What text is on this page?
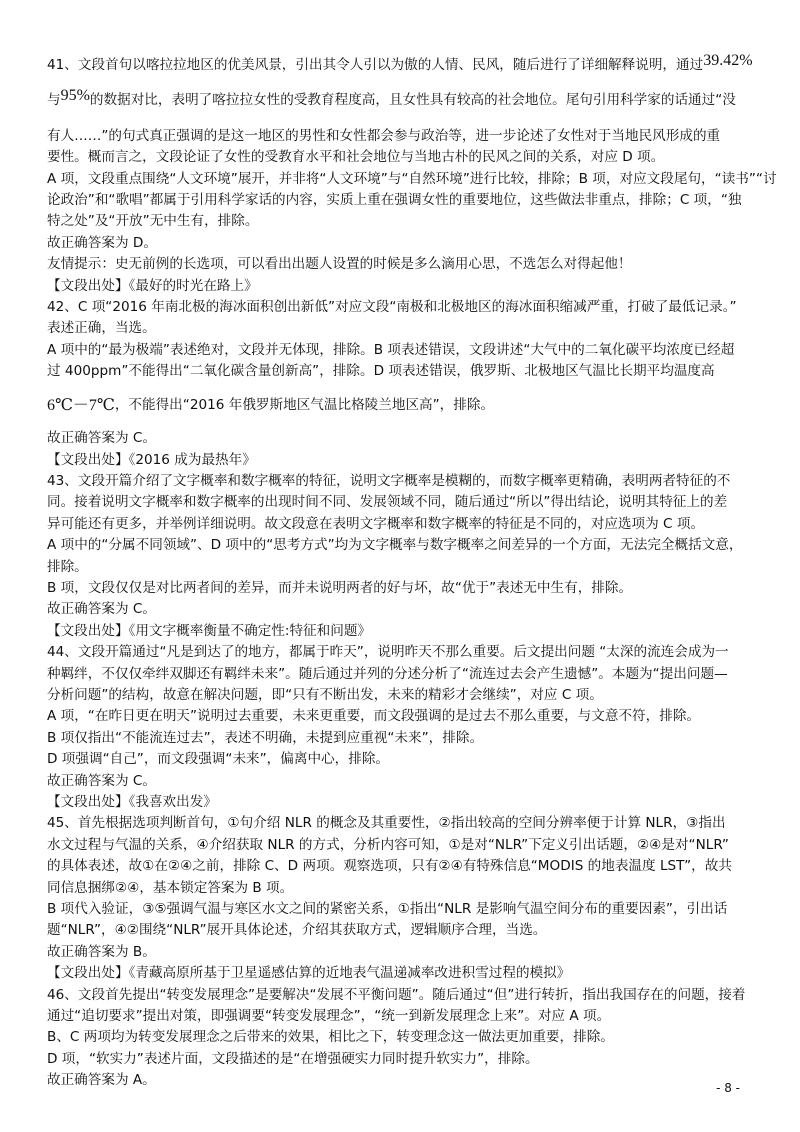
41、文段首句以喀拉拉地区的优美风景，引出其令人引以为傲的人情、民风，随后进行了详细解释说明，通过39.42%
与95%的数据对比，表明了喀拉拉女性的受教育程度高，且女性具有较高的社会地位。尾句引用科学家的话通过“没
有人……”的句式真正强调的是这一地区的男性和女性都会参与政治等，进一步论述了女性对于当地民风形成的重
要性。概而言之，文段论证了女性的受教育水平和社会地位与当地古朴的民风之间的关系，对应 D 项。
A 项，文段重点围绕“人文环境”展开，并非将“人文环境”与“自然环境”进行比较，排除；B 项，对应文段尾句，“读书”“讨
论政治”和“歌唱”都属于引用科学家话的内容，实质上重在强调女性的重要地位，这些做法非重点，排除；C 项，“独
特之处”及“开放”无中生有，排除。
故正确答案为 D。
友情提示：史无前例的长选项，可以看出出题人设置的时候是多么滴用心思，不选怎么对得起他！
【文段出处】《最好的时光在路上》
42、C 项“2016 年南北极的海冰面积创出新低”对应文段“南极和北极地区的海冰面积缩减严重，打破了最低记录。”
表述正确，当选。
A 项中的“最为极端”表述绝对，文段并无体现，排除。B 项表述错误，文段讲述“大气中的二氧化碳平均浓度已经超
过 400ppm”不能得出“二氧化碳含量创新高”，排除。D 项表述错误，俄罗斯、北极地区气温比长期平均温度高
6℃－7℃，不能得出“2016 年俄罗斯地区气温比格陵兰地区高”，排除。
故正确答案为 C。
【文段出处】《2016 成为最热年》
43、文段开篇介绍了文字概率和数字概率的特征，说明文字概率是模糊的，而数字概率更精确，表明两者特征的不
同。接着说明文字概率和数字概率的出现时间不同、发展领域不同，随后通过“所以”得出结论，说明其特征上的差
异可能还有更多，并举例详细说明。故文段意在表明文字概率和数字概率的特征是不同的，对应选项为 C 项。
A 项中的“分属不同领域”、D 项中的“思考方式”均为文字概率与数字概率之间差异的一个方面，无法完全概括文意，
排除。
B 项，文段仅仅是对比两者间的差异，而并未说明两者的好与坏，故“优于”表述无中生有，排除。
故正确答案为 C。
【文段出处】《用文字概率衡量不确定性:特征和问题》
44、文段开篇通过“凡是到达了的地方，都属于昨天”，说明昨天不那么重要。后文提出问题 “太深的流连会成为一
种羁绊，不仅仅牵绊双脚还有羁绊未来”。随后通过并列的分述分析了“流连过去会产生遗憾”。本题为“提出问题—
分析问题”的结构，故意在解决问题，即“只有不断出发，未来的精彩才会继续”，对应 C 项。
A 项，“在昨日更在明天”说明过去重要，未来更重要，而文段强调的是过去不那么重要，与文意不符，排除。
B 项仅指出“不能流连过去”，表述不明确，未提到应重视“未来”，排除。
D 项强调“自己”，而文段强调“未来”，偏离中心，排除。
故正确答案为 C。
【文段出处】《我喜欢出发》
45、首先根据选项判断首句，①句介绍 NLR 的概念及其重要性，②指出较高的空间分辨率便于计算 NLR，③指出
水文过程与气温的关系，④介绍获取 NLR 的方式，分析内容可知，①是对“NLR”下定义引出话题，②④是对“NLR”
的具体表述，故①在②④之前，排除 C、D 两项。观察选项，只有②④有特殊信息“MODIS 的地表温度 LST”，故共
同信息捆绑②④，基本锁定答案为 B 项。
B 项代入验证，③⑤强调气温与寒区水文之间的紧密关系，①指出“NLR 是影响气温空间分布的重要因素”，引出话
题“NLR”，④②围绕“NLR”展开具体论述，介绍其获取方式，逻辑顺序合理，当选。
故正确答案为 B。
【文段出处】《青藏高原所基于卫星遥感估算的近地表气温递减率改进积雪过程的模拟》
46、文段首先提出“转变发展理念”是要解决“发展不平衡问题”。随后通过“但”进行转折，指出我国存在的问题，接着
通过“追切要求”提出对策，即强调要“转变发展理念”，“统一到新发展理念上来”。对应 A 项。
B、C 两项均为转变发展理念之后带来的效果，相比之下，转变理念这一做法更加重要，排除。
D 项，“软实力”表述片面，文段描述的是“在增强硬实力同时提升软实力”，排除。
故正确答案为 A。	- 8 -
